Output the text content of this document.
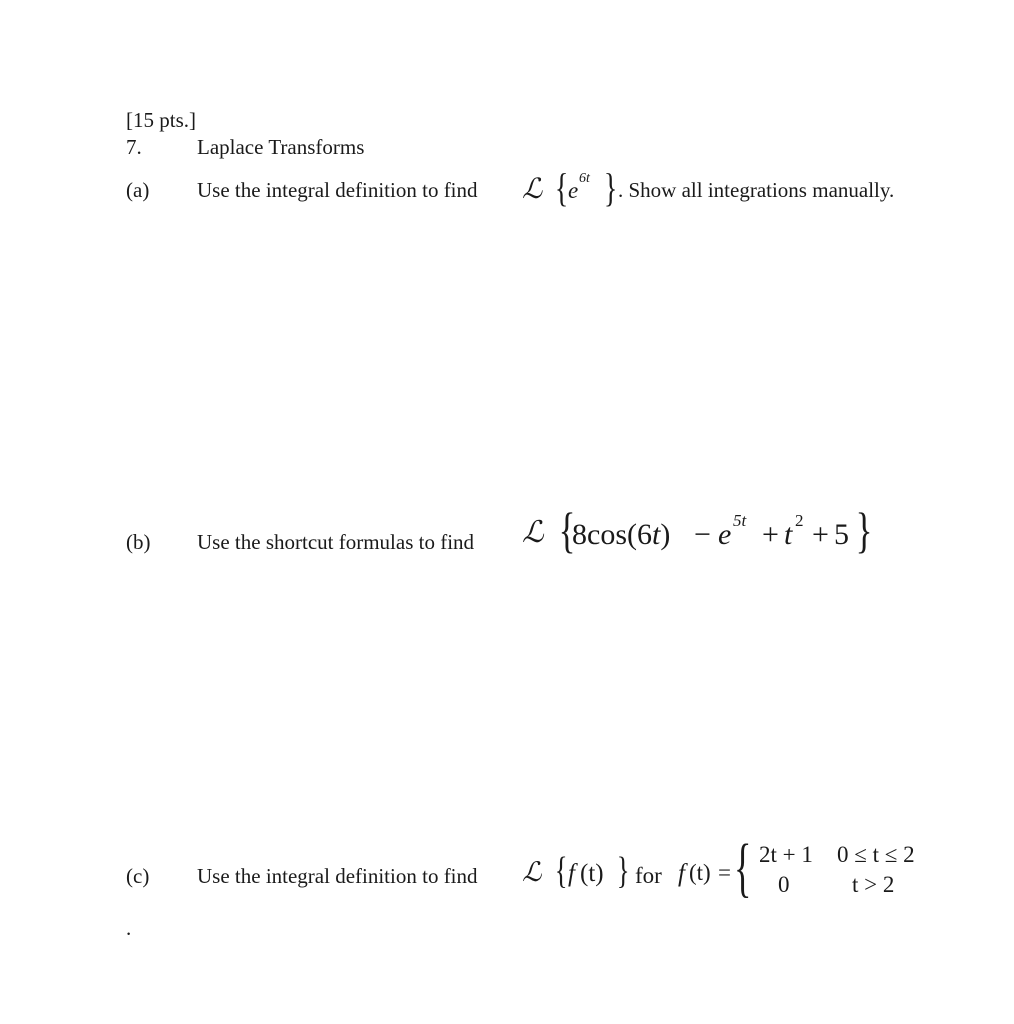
[15 pts.]
7.	Laplace Transforms
(a) Use the integral definition to find ℒ { e 6t } . Show all integrations manually.
(b) Use the shortcut formulas to find ℒ {
8cos(6t) − e 5t + t 2 + 5 }
(c) Use the integral definition to find ℒ { f (t) } for f (t) = { 2t + 1 0 ≤ t ≤ 2
0	t > 2
.
